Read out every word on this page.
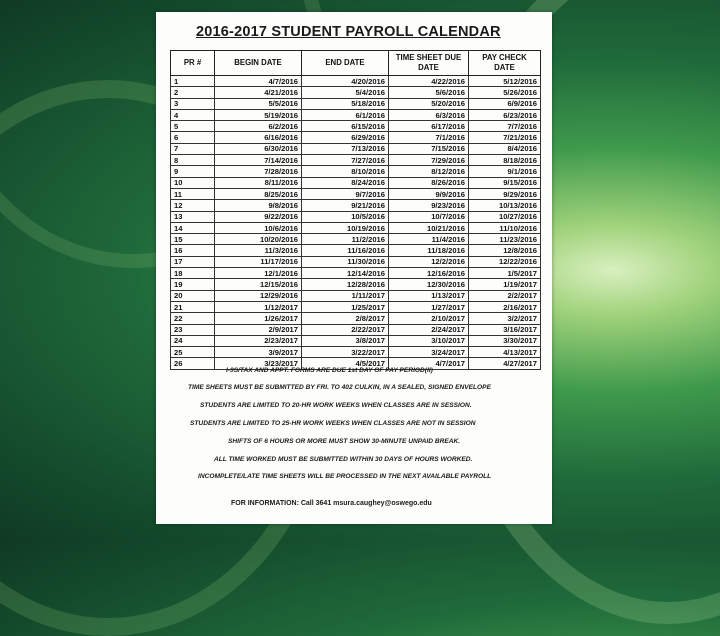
2016-2017 STUDENT PAYROLL CALENDAR
PR #	BEGIN DATE	END DATE	TIME SHEET DUE DATE	PAY CHECK DATE
1	4/7/2016	4/20/2016	4/22/2016	5/12/2016
2	4/21/2016	5/4/2016	5/6/2016	5/26/2016
3	5/5/2016	5/18/2016	5/20/2016	6/9/2016
4	5/19/2016	6/1/2016	6/3/2016	6/23/2016
5	6/2/2016	6/15/2016	6/17/2016	7/7/2016
6	6/16/2016	6/29/2016	7/1/2016	7/21/2016
7	6/30/2016	7/13/2016	7/15/2016	8/4/2016
8	7/14/2016	7/27/2016	7/29/2016	8/18/2016
9	7/28/2016	8/10/2016	8/12/2016	9/1/2016
10	8/11/2016	8/24/2016	8/26/2016	9/15/2016
11	8/25/2016	9/7/2016	9/9/2016	9/29/2016
12	9/8/2016	9/21/2016	9/23/2016	10/13/2016
13	9/22/2016	10/5/2016	10/7/2016	10/27/2016
14	10/6/2016	10/19/2016	10/21/2016	11/10/2016
15	10/20/2016	11/2/2016	11/4/2016	11/23/2016
16	11/3/2016	11/16/2016	11/18/2016	12/8/2016
17	11/17/2016	11/30/2016	12/2/2016	12/22/2016
18	12/1/2016	12/14/2016	12/16/2016	1/5/2017
19	12/15/2016	12/28/2016	12/30/2016	1/19/2017
20	12/29/2016	1/11/2017	1/13/2017	2/2/2017
21	1/12/2017	1/25/2017	1/27/2017	2/16/2017
22	1/26/2017	2/8/2017	2/10/2017	3/2/2017
23	2/9/2017	2/22/2017	2/24/2017	3/16/2017
24	2/23/2017	3/8/2017	3/10/2017	3/30/2017
25	3/9/2017	3/22/2017	3/24/2017	4/13/2017
26	3/23/2017	4/5/2017	4/7/2017	4/27/2017
I-9S/TAX AND APPT. FORMS ARE DUE 1st DAY OF PAY PERIOD(II)
TIME SHEETS MUST BE SUBMITTED BY FRI. TO 402 CULKIN, IN A SEALED, SIGNED ENVELOPE
STUDENTS ARE LIMITED TO 20-HR WORK WEEKS WHEN CLASSES ARE IN SESSION.
STUDENTS ARE LIMITED TO 25-HR WORK WEEKS WHEN CLASSES ARE NOT IN SESSION
SHIFTS OF 6 HOURS OR MORE MUST SHOW 30-MINUTE UNPAID BREAK.
ALL TIME WORKED MUST BE SUBMITTED WITHIN 30 DAYS OF HOURS WORKED.
INCOMPLETE/LATE TIME SHEETS WILL BE PROCESSED IN THE NEXT AVAILABLE PAYROLL
FOR INFORMATION: Call 3641 msura.caughey@oswego.edu
